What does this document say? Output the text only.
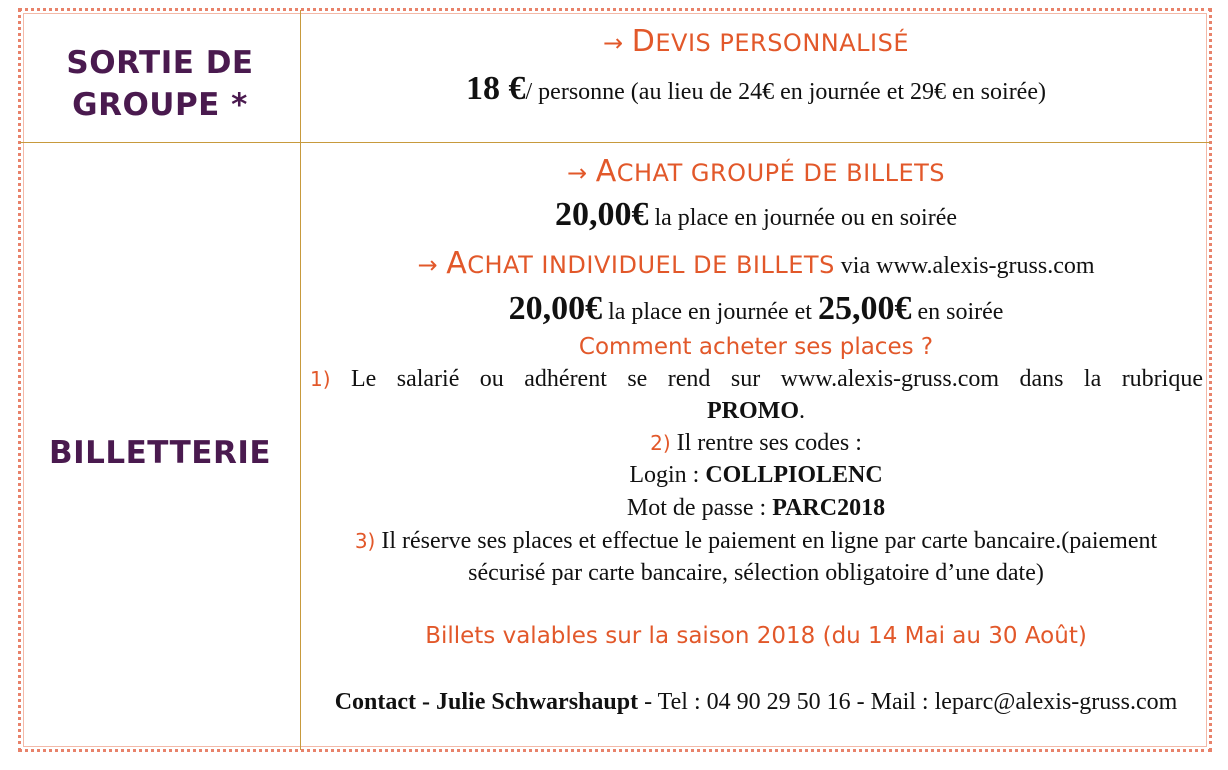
SORTIE DE
GROUPE *
→ DEVIS PERSONNALISÉ
18 €/ personne (au lieu de 24€ en journée et 29€ en soirée)
BILLETTERIE
→ ACHAT GROUPÉ DE BILLETS
20,00€ la place en journée ou en soirée
→ ACHAT INDIVIDUEL DE BILLETS via www.alexis-gruss.com
20,00€ la place en journée et 25,00€ en soirée
Comment acheter ses places ?
1) Le salarié ou adhérent se rend sur www.alexis-gruss.com dans la rubrique
PROMO.
2) Il rentre ses codes :
Login : COLLPIOLENC
Mot de passe : PARC2018
3) Il réserve ses places et effectue le paiement en ligne par carte bancaire.(paiement
sécurisé par carte bancaire, sélection obligatoire d’une date)
Billets valables sur la saison 2018 (du 14 Mai au 30 Août)
Contact - Julie Schwarshaupt - Tel : 04 90 29 50 16 - Mail : leparc@alexis-gruss.com
